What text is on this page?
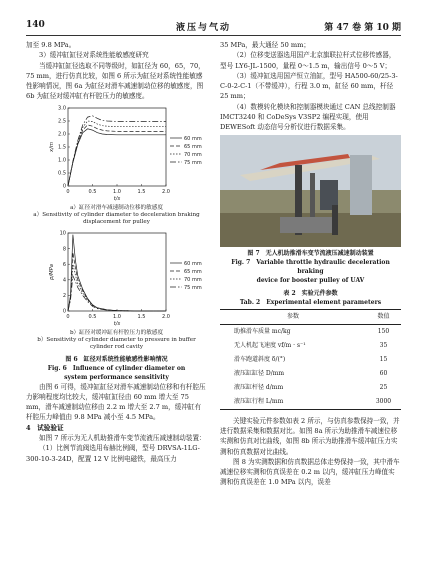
140	液压与气动	第 47 卷 第 10 期

加至 9.8 MPa。

3）缓冲缸缸径对系统性能敏感度研究

当缓冲缸缸径选取不同等级时，如缸径为 60，65，70，75 mm，进行仿真比较，如图 6 所示为缸径对系统性能敏感性影响情况，图 6a 为缸径对滑车减速制动位移的敏感度，图 6b 为缸径对缓冲缸有杆腔压力的敏感度。

0	0.5	1.0	1.5	2.0
0
0.5
1.0
1.5
2.0
2.5
3.0
t/s
x/m
60 mm
65 mm
70 mm
75 mm
a）缸径对滑车减速制动位移的敏感度
a）Sensitivity of cylinder diameter to deceleration braking displacement for pulley
0	0.5	1.0	1.5	2.0
0
2
4
6
8
10
t/s
p/MPa
60 mm
65 mm
70 mm
75 mm
b）缸径对缓冲缸有杆腔压力的敏感度
b）Sensitivity of cylinder diameter to pressure in buffer cylinder rod cavity
图 6　缸径对系统性能敏感性影响情况
Fig. 6　Influence of cylinder diameter on
system performance sensitivity

由图 6 可得，缓冲缸缸径对滑车减速制动位移和有杆腔压力影响程度均比较大，缓冲缸缸径由 60 mm 增大至 75 mm，滑车减速制动位移由 2.2 m 增大至 2.7 m，缓冲缸有杆腔压力峰值由 9.8 MPa 减小至 4.5 MPa。

4　试验验证

如图 7 所示为无人机助推滑车变节流液压减速制动装置：

（1）比例节流阀选用布赫比例阀，型号 DRVSA-1LG-300-10-3-24D，配置 12 V 比例电磁铁，最高压力

35 MPa，最大通径 50 mm；

（2）位移变送器选用国产北京旗联拉杆式位移传感器，型号 LY6-JL-1500，量程 0～1.5 m，输出信号 0～5 V；

（3）缓冲缸选用国产恒立油缸，型号 HA500-60/25-3-C-0-2-C-1（不带缓冲），行程 3.0 m，缸径 60 mm，杆径 25 mm；

（4）数模转化模块和控制器模块通过 CAN 总线控制器 IMCT3240 和 CoDeSys V3SP2 编程实现，使用 DEWESoft 动态信号分析仪进行数据采集。

图 7　无人机助推滑车变节流液压减速制动装置
Fig. 7　Variable throttle hydraulic deceleration braking
device for booster pulley of UAV
表 2　实验元件参数
Tab. 2　Experimental element parameters
参数	数值
助推滑车质量 mc/kg	150
无人机起飞速度 vf/m · s⁻¹	35
滑车跑道斜度 δ/(°)	15
液压缸缸径 D/mm	60
液压缸杆径 d/mm	25
液压缸行程 L/mm	3000

关键实验元件参数如表 2 所示，与仿真参数保持一致，并进行数据采集和数据对比。如图 8a 所示为助推滑车减速位移实测和仿真对比曲线，如图 8b 所示为助推滑车缓冲缸压力实测和仿真数据对比曲线。

图 8 为实测数据和仿真数据总体走势保持一致，其中滑车减速位移实测和仿真误差在 0.2 m 以内，缓冲缸压力峰值实测和仿真误差在 1.0 MPa 以内，误差
